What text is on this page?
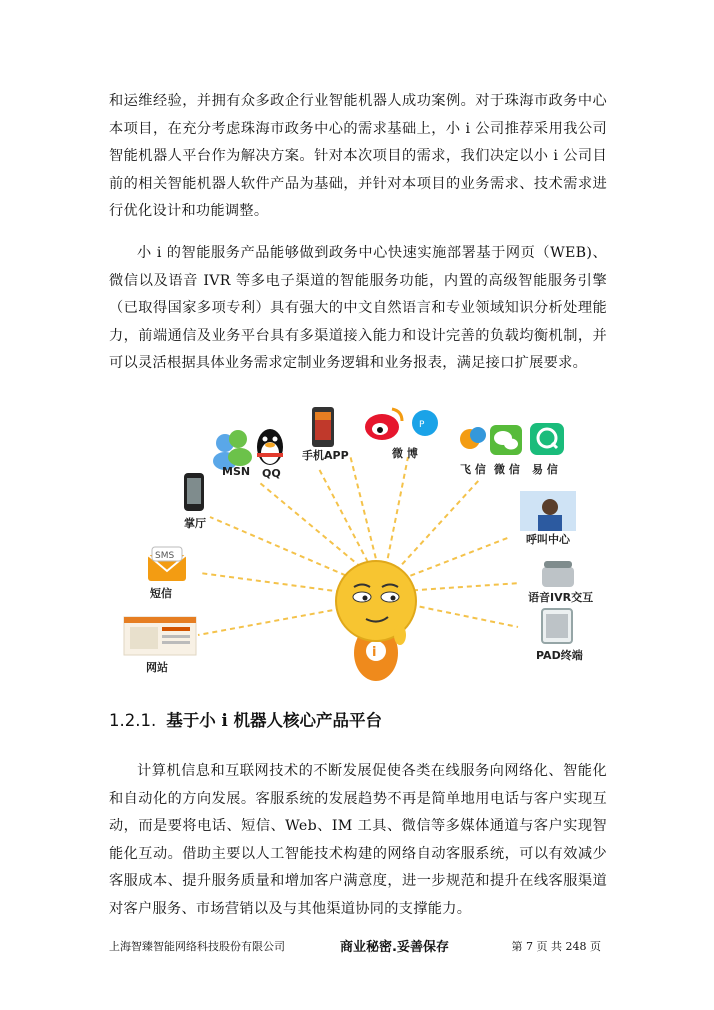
和运维经验，并拥有众多政企行业智能机器人成功案例。对于珠海市政务中心本项目，在充分考虑珠海市政务中心的需求基础上，小 i 公司推荐采用我公司智能机器人平台作为解决方案。针对本次项目的需求，我们决定以小 i 公司目前的相关智能机器人软件产品为基础，并针对本项目的业务需求、技术需求进行优化设计和功能调整。

小 i 的智能服务产品能够做到政务中心快速实施部署基于网页（WEB)、微信以及语音 IVR 等多电子渠道的智能服务功能，内置的高级智能服务引擎（已取得国家多项专利）具有强大的中文自然语言和专业领域知识分析处理能力，前端通信及业务平台具有多渠道接入能力和设计完善的负载均衡机制，并可以灵活根据具体业务需求定制业务逻辑和业务报表，满足接口扩展要求。

MSN QQ
手机APP
P
微 博
飞 信 微 信 易 信
掌厅
呼叫中心
SMS
短信	语音IVR交互
网站
PAD终端
i
1.2.1. 基于小 i 机器人核心产品平台

计算机信息和互联网技术的不断发展促使各类在线服务向网络化、智能化和自动化的方向发展。客服系统的发展趋势不再是简单地用电话与客户实现互动，而是要将电话、短信、Web、IM 工具、微信等多媒体通道与客户实现智能化互动。借助主要以人工智能技术构建的网络自动客服系统，可以有效减少客服成本、提升服务质量和增加客户满意度，进一步规范和提升在线客服渠道对客户服务、市场营销以及与其他渠道协同的支撑能力。

上海智臻智能网络科技股份有限公司	商业秘密.妥善保存	第 7 页 共 248 页
